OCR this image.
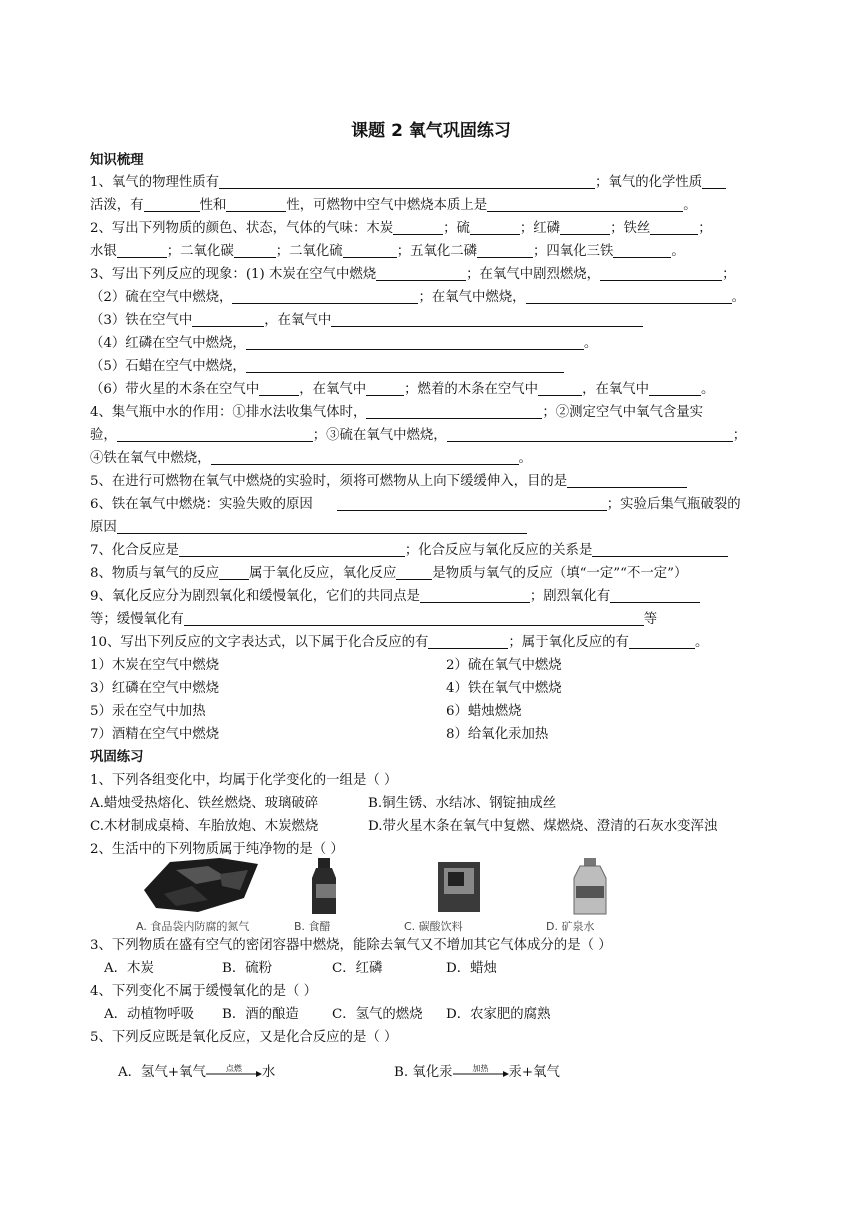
课题 2 氧气巩固练习
知识梳理
1、氧气的物理性质有	；氧气的化学性质
活泼，有	性和	性，可燃物中空气中燃烧本质上是	。
2、写出下列物质的颜色、状态，气体的气味：木炭	；硫	；红磷	；铁丝	；
水银	；二氧化碳	；二氧化硫	；五氧化二磷	；四氧化三铁	。
3、写出下列反应的现象：(1) 木炭在空气中燃烧	；在氧气中剧烈燃烧，	；
（2）硫在空气中燃烧，	；在氧气中燃烧，	。
（3）铁在空气中	，在氧气中
（4）红磷在空气中燃烧，	。
（5）石蜡在空气中燃烧，
（6）带火星的木条在空气中	，在氧气中	；燃着的木条在空气中	，在氧气中	。
4、集气瓶中水的作用：①排水法收集气体时，	；②测定空气中氧气含量实
验，	；③硫在氧气中燃烧，	；
④铁在氧气中燃烧，	。
5、在进行可燃物在氧气中燃烧的实验时，须将可燃物从上向下缓缓伸入，目的是
6、铁在氧气中燃烧：实验失败的原因	；实验后集气瓶破裂的
原因
7、化合反应是	；化合反应与氧化反应的关系是
8、物质与氧气的反应 属于氧化反应，氧化反应	是物质与氧气的反应（填“一定”“不一定”）
9、氧化反应分为剧烈氧化和缓慢氧化，它们的共同点是	；剧烈氧化有
等；缓慢氧化有	等
10、写出下列反应的文字表达式，以下属于化合反应的有	；属于氧化反应的有	。
1）木炭在空气中燃烧	2）硫在氧气中燃烧
3）红磷在空气中燃烧	4）铁在氧气中燃烧
5）汞在空气中加热	6）蜡烛燃烧
7）酒精在空气中燃烧	8）给氧化汞加热
巩固练习
1、下列各组变化中，均属于化学变化的一组是（ ）
A.蜡烛受热熔化、铁丝燃烧、玻璃破碎	B.铜生锈、水结冰、钢锭抽成丝
C.木材制成桌椅、车胎放炮、木炭燃烧	D.带火星木条在氧气中复燃、煤燃烧、澄清的石灰水变浑浊
2、生活中的下列物质属于纯净物的是（ ）
A. 食品袋内防腐的氮气	B. 食醋	C. 碳酸饮料	D. 矿泉水
3、下列物质在盛有空气的密闭容器中燃烧，能除去氧气又不增加其它气体成分的是（ ）
A．木炭	B．硫粉	C．红磷	D．蜡烛
4、下列变化不属于缓慢氧化的是（ ）
A．动植物呼吸 B．酒的酿造 C．氢气的燃烧 D．农家肥的腐熟
5、下列反应既是氧化反应，又是化合反应的是（ ）
A．氢气+氧气	点燃	水	B. 氧化汞	加热	汞+氧气
